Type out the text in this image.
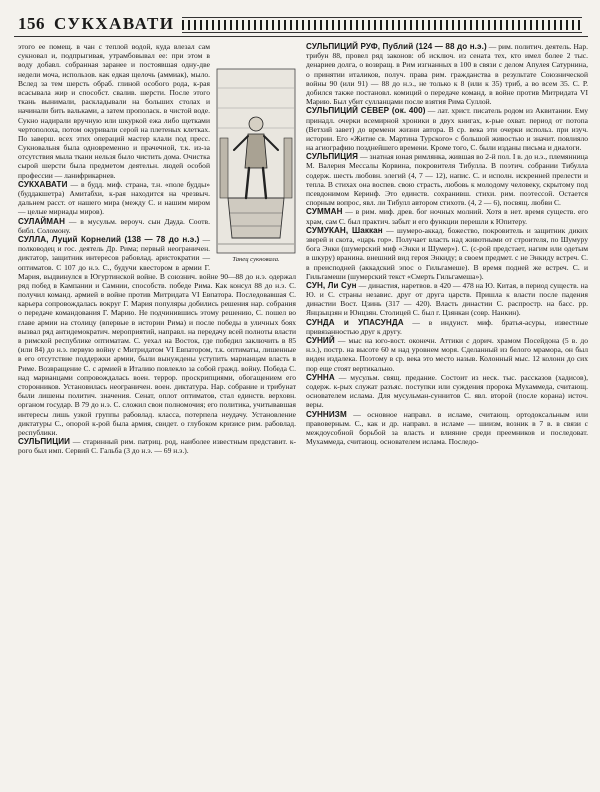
156 СУКХАВАТИ
Танец сукновала.

этого ее помещ. в чан с теплой водой, куда влезал сам сукновал и, подпрыгивая, утрамбовывал ее: при этом в воду добавл. собранная заранее и постоявшая одну-две недели моча, использов. как едкая щелочь (аммиак), мыло. Вслед за тем шерсть обраб. глиной особого рода, к-рая всасывала жир и способст. свалив. шерсти. После этого ткань вынимали, раскладывали на больших столах и начинали бить вальками, а затем прополаск. в чистой воде. Сукно надирали вручную или шкуркой ежа либо щетками чертополоха, потом окуривали серой на плетеных клетках. По заверш. всех этих операций мастер клали под пресс. Сукновальня была одновременно и прачечной, т.к. из-за отсутствия мыла ткани нельзя было чистить дома. Очистка сырой шерсти была предметом деятельн. людей особой профессии — ланифрикарнев.

СУКХАВАТИ — в будд. миф. страна, т.н. «поле будды» (буддакшетра) Амитабхи, к-рая находится на чрезвыч. дальнем расст. от нашего мира (между С. и нашим миром — целые мириады миров).

СУЛАЙМАН — в мусульм. вероуч. сын Дауда. Соотв. библ. Соломону.

СУЛЛА, Луций Корнелий (138 — 78 до н.э.) — полководец и гос. деятель Др. Рима; первый неограничен. диктатор, защитник интересов рабовлад. аристократии — оптиматов. С 107 до н.э. С., будучи квестором в армии Г. Мария, выдвинулся в Югуртинской войне. В союзнич. войне 90—88 до н.э. одержал ряд побед в Кампании и Самнии, способств. победе Рима. Как консул 88 до н.э. С. получил команд. армией в войне против Митридата VI Евпатора. Последовавшая С. карьера сопровождалась вокруг Г. Мария популяры добились решения нар. собрания о передаче командования Г. Марию. Не подчинившись этому решению, С. пошел во главе армии на столицу (впервые в истории Рима) и после победы в уличных боях вызвал ряд антидемократич. мероприятий, направл. на передачу всей полноты власти в римской республике оптиматам. С. уехал на Восток, где победил заключить в 85 (или 84) до н.э. первую войну с Митридатом VI Евпатором, т.к. оптиматы, лишенные в его отсутствие поддержки армии, были вынуждены уступить марианцам власть в Риме. Возвращение С. с армией в Италию повлекло за собой гражд. войну. Победа С. над марианцами сопровождалась воен. террор. проскрипциями, обогащением его сторонников. Установилась неограничен. воен. диктатура. Нар. собрание и трибунат были лишены политич. значения. Сенат, оплот оптиматов, стал единств. верховн. органом государ. В 79 до н.э. С. сложил свои полномочия; его политика, учитывавшая интересы лишь узкой группы рабовлад. класса, потерпела неудачу. Установление диктатуры С., опорой к-рой была армия, свидет. о глубоком кризисе рим. рабовлад. республики.

СУЛЬПИЦИИ — старинный рим. патриц. род, наиболее известным представит. к-рого был имп. Сервий С. Гальба (3 до н.э. — 69 н.э.).

СУЛЬПИЦИЙ РУФ, Публий (124 — 88 до н.э.) — рим. политич. деятель. Нар. трибун 88, провел ряд законов: об исключ. из сената тех, кто имел более 2 тыс. денариев долга, о возвращ. в Рим изгнанных в 100 в связи с делом Апулея Сатурнина, о принятии италиков, получ. права рим. гражданства в результате Союзнической войны 90 (или 91) — 88 до н.э., не только к 8 (или к 35) триб, а во всем 35. С. Р. добился также постановл. комиций о передаче команд. в войне против Митридата VI Марию. Был убит сулланцами после взятия Рима Суллой.

СУЛЬПИЦИЙ СЕВЕР (ок. 400) — лат. христ. писатель родом из Аквитании. Ему принадл. очерки всемирной хроники в двух книгах, к-рые охват. период от потопа (Ветхий завет) до времени жизни автора. В ср. века эти очерки использ. при изуч. истории. Его «Житие св. Мартина Турского» с большой живостью и значит. повлияло на агиографию позднейшего времени. Кроме того, С. были изданы письма и диалоги.

СУЛЬПИЦИЯ — знатная юная римлянка, жившая во 2-й пол. I в. до н.э., племянница М. Валерия Мессалы Корвина, покровителя Тибулла. В поэтич. собрании Тибулла содерж. шесть любовн. элегий (4, 7 — 12), напис. С. и исполн. искренней прелести и тепла. В стихах она воспев. свою страсть, любовь к молодому человеку, скрытому под псевдонимом Керинф. Это единств. сохранивш. стихи. рим. поэтессой. Остается спорным вопрос, явл. ли Тибулл автором стихотв. (4, 2 — 6), посвящ. любви С.

СУММАН — в рим. миф. древ. бог ночных молний. Хотя в нет. время существ. его храм, сам С. был практич. забыт и его функции перешли к Юпитеру.

СУМУКАН, Шаккан — шумеро-аккад. божество, покровитель и защитник диких зверей и скота, «царь гор». Получает власть над животными от строителя, по Шумуру бога Энки (шумерский миф «Энки и Шумер»). С. (с-рой предстает, нагим или одетым в шкуру) вранина. внешний вид героя Энкиду; в своем предмет. с не Энкиду встреч. С. в преисподней (аккадский эпос о Гильгамеше). В время подней же встреч. С. и Гильгамеши (шумерский текст «Смерть Гильгамеша»).

СУН, Ли Сун — династия, наретвов. в 420 — 478 на Ю. Китая, в период существ. на Ю. и С. страны независ. друг от друга царств. Пришла к власти после падения династии Вост. Цзинь (317 — 420). Власть династии С. распростр. на басс. рр. Янцзыцзян и Юнцзян. Столицей С. был г. Цзянкан (совр. Нанкин).

СУНДА и УПАСУНДА — в индуист. миф. братья-асуры, известные привязанностью друг к другу.

СУНИЙ — мыс на юго-вост. оконечн. Аттики с дорич. храмом Посейдона (5 в. до н.э.), постр. на высоте 60 м над уровнем моря. Сделанный из белого мрамора, он был виден издалека. Поэтому в ср. века это место назыв. Колонный мыс. 12 колонн до сих пор еще стоят вертикально.

СУННА — мусульм. свящ. предание. Состоит из неск. тыс. рассказов (хадисов), содерж. к-рых служат разъяс. поступки или суждения пророка Мухаммеда, считающ. основателем ислама. Для мусульман-суннитов С. явл. второй (после корана) источ. веры.

СУННИЗМ — основное направл. в исламе, считающ. ортодоксальным или правоверным. С., как и др. направл. в исламе — шиизм, возник в 7 в. в связи с междоусобной борьбой за власть и влияние среди преемников и последоват. Мухаммеда, считающ. основателем ислама. Последо-
